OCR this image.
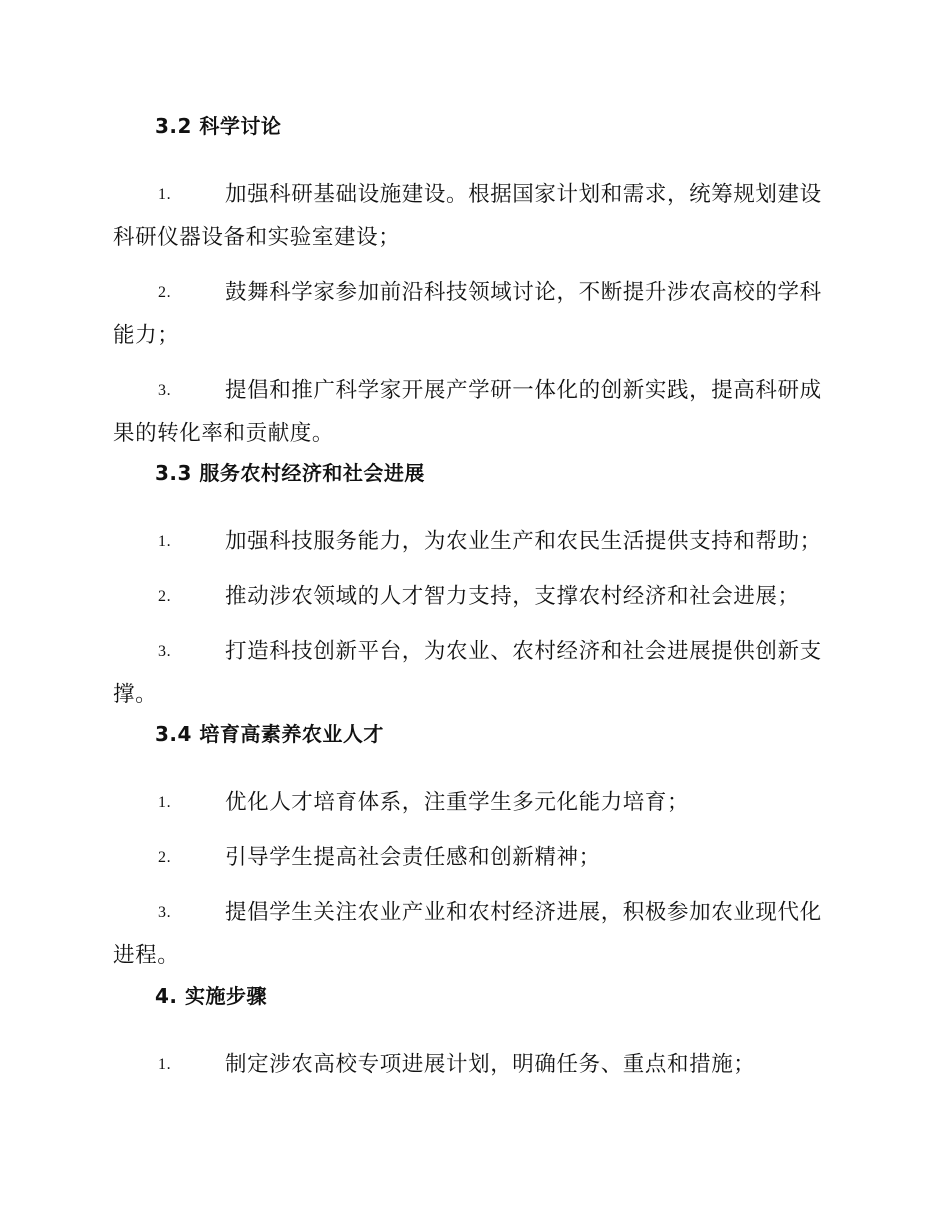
3.2 科学讨论

1.	加强科研基础设施建设。根据国家计划和需求，统筹规划建设科研仪器设备和实验室建设；

2.	鼓舞科学家参加前沿科技领域讨论，不断提升涉农高校的学科能力；

3.	提倡和推广科学家开展产学研一体化的创新实践，提高科研成果的转化率和贡献度。

3.3 服务农村经济和社会进展

1.	加强科技服务能力，为农业生产和农民生活提供支持和帮助；

2.	推动涉农领域的人才智力支持，支撑农村经济和社会进展；

3.	打造科技创新平台，为农业、农村经济和社会进展提供创新支撑。

3.4 培育高素养农业人才

1.	优化人才培育体系，注重学生多元化能力培育；

2.	引导学生提高社会责任感和创新精神；

3.	提倡学生关注农业产业和农村经济进展，积极参加农业现代化进程。

4. 实施步骤

1.	制定涉农高校专项进展计划，明确任务、重点和措施；
